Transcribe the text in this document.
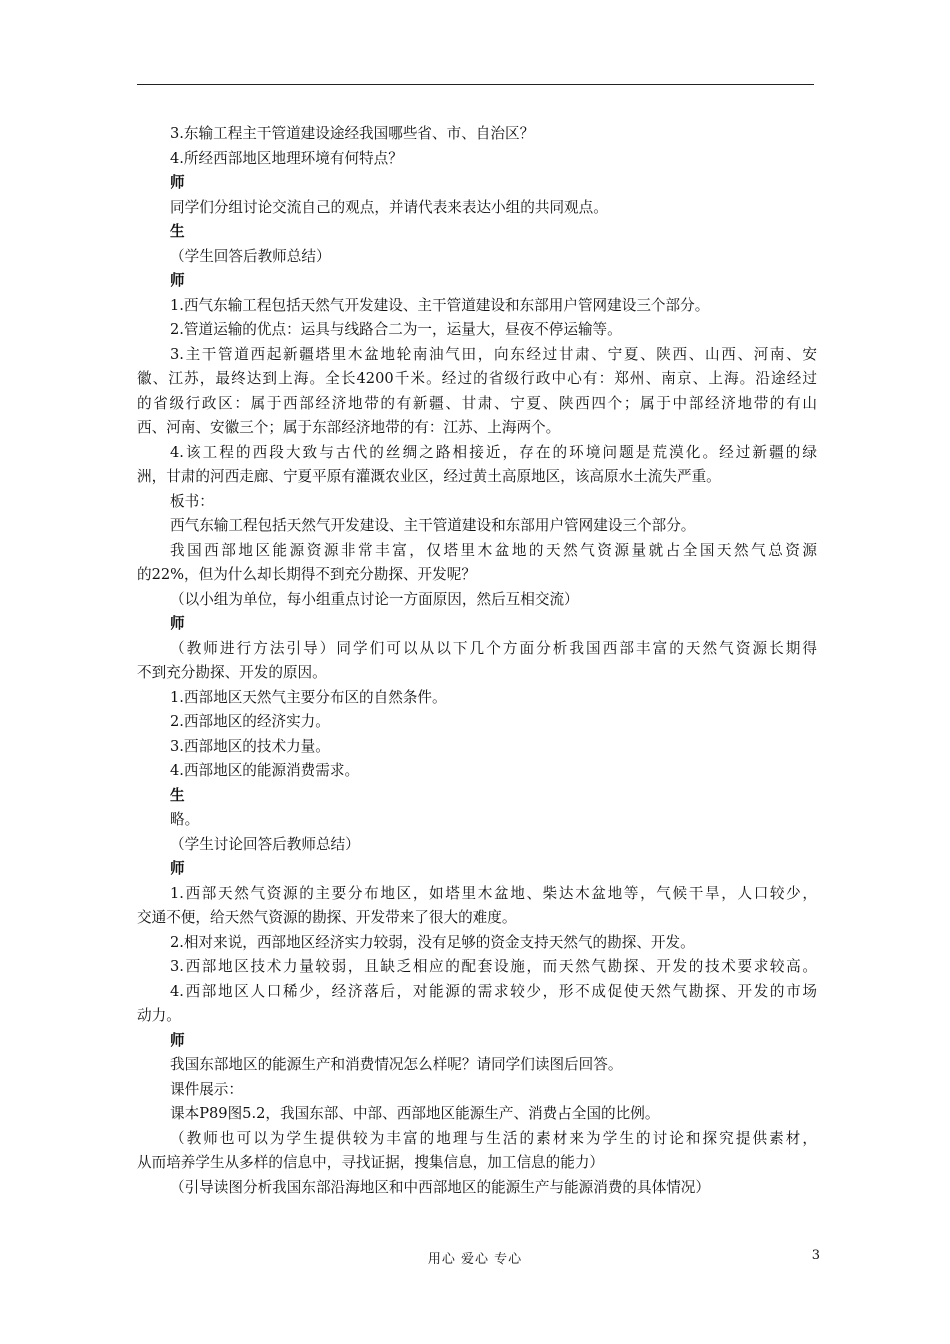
3.东输工程主干管道建设途经我国哪些省、市、自治区？
4.所经西部地区地理环境有何特点？
师
同学们分组讨论交流自己的观点，并请代表来表达小组的共同观点。
生
（学生回答后教师总结）
师
1.西气东输工程包括天然气开发建设、主干管道建设和东部用户管网建设三个部分。
2.管道运输的优点：运具与线路合二为一，运量大，昼夜不停运输等。
3.主干管道西起新疆塔里木盆地轮南油气田，向东经过甘肃、宁夏、陕西、山西、河南、安
徽、江苏，最终达到上海。全长4200千米。经过的省级行政中心有：郑州、南京、上海。沿途经过
的省级行政区：属于西部经济地带的有新疆、甘肃、宁夏、陕西四个；属于中部经济地带的有山
西、河南、安徽三个；属于东部经济地带的有：江苏、上海两个。
4.该工程的西段大致与古代的丝绸之路相接近，存在的环境问题是荒漠化。经过新疆的绿
洲，甘肃的河西走廊、宁夏平原有灌溉农业区，经过黄土高原地区，该高原水土流失严重。
板书：
西气东输工程包括天然气开发建设、主干管道建设和东部用户管网建设三个部分。
我国西部地区能源资源非常丰富，仅塔里木盆地的天然气资源量就占全国天然气总资源
的22%，但为什么却长期得不到充分勘探、开发呢？
（以小组为单位，每小组重点讨论一方面原因，然后互相交流）
师
（教师进行方法引导）同学们可以从以下几个方面分析我国西部丰富的天然气资源长期得
不到充分勘探、开发的原因。
1.西部地区天然气主要分布区的自然条件。
2.西部地区的经济实力。
3.西部地区的技术力量。
4.西部地区的能源消费需求。
生
略。
（学生讨论回答后教师总结）
师
1.西部天然气资源的主要分布地区，如塔里木盆地、柴达木盆地等，气候干旱，人口较少，
交通不便，给天然气资源的勘探、开发带来了很大的难度。
2.相对来说，西部地区经济实力较弱，没有足够的资金支持天然气的勘探、开发。
3.西部地区技术力量较弱，且缺乏相应的配套设施，而天然气勘探、开发的技术要求较高。
4.西部地区人口稀少，经济落后，对能源的需求较少，形不成促使天然气勘探、开发的市场
动力。
师
我国东部地区的能源生产和消费情况怎么样呢？请同学们读图后回答。
课件展示：
课本P89图5.2，我国东部、中部、西部地区能源生产、消费占全国的比例。
（教师也可以为学生提供较为丰富的地理与生活的素材来为学生的讨论和探究提供素材，
从而培养学生从多样的信息中，寻找证据，搜集信息，加工信息的能力）
（引导读图分析我国东部沿海地区和中西部地区的能源生产与能源消费的具体情况）
用心 爱心 专心	3
